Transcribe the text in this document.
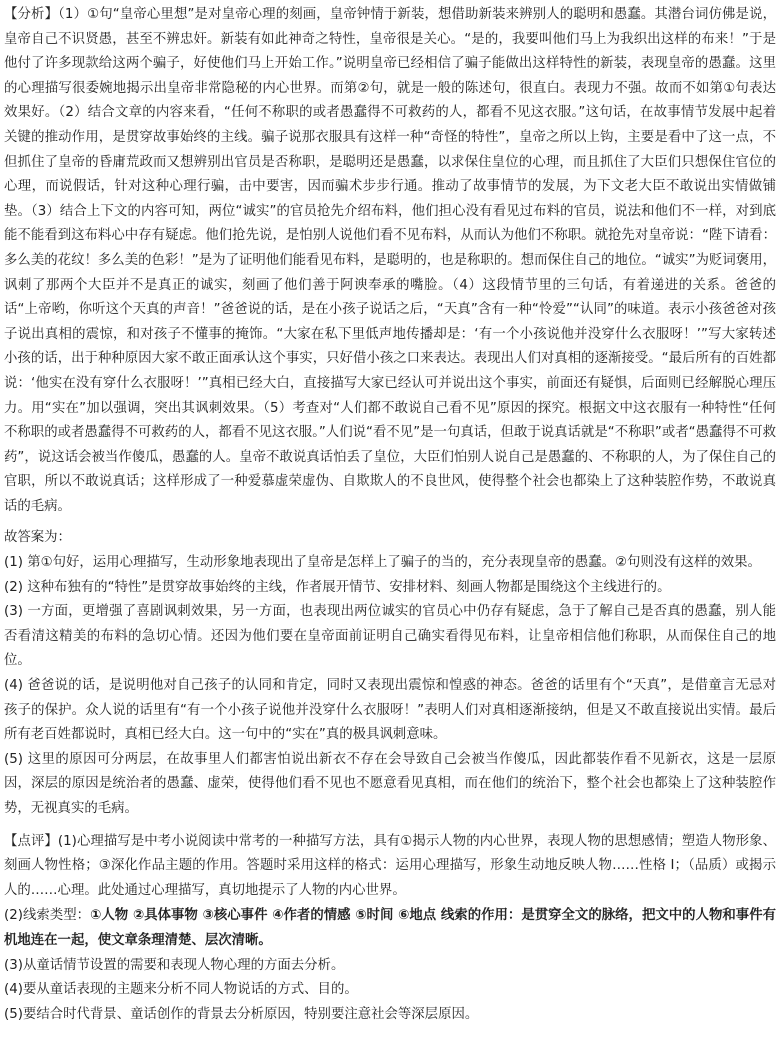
【分析】（1）①句“皇帝心里想”是对皇帝心理的刻画，皇帝钟情于新装，想借助新装来辨别人的聪明和愚蠢。其潜台词仿佛是说，皇帝自己不识贤愚，甚至不辨忠奸。新装有如此神奇之特性，皇帝很是关心。“是的，我要叫他们马上为我织出这样的布来！”于是他付了许多现款给这两个骗子，好使他们马上开始工作。”说明皇帝已经相信了骗子能做出这样特性的新装，表现皇帝的愚蠢。这里的心理描写很委婉地揭示出皇帝非常隐秘的内心世界。而第②句，就是一般的陈述句，很直白。表现力不强。故而不如第①句表达效果好。（2）结合文章的内容来看，“任何不称职的或者愚蠢得不可救药的人，都看不见这衣服。”这句话，在故事情节发展中起着关键的推动作用，是贯穿故事始终的主线。骗子说那衣服具有这样一种“奇怪的特性”，皇帝之所以上钩，主要是看中了这一点，不但抓住了皇帝的昏庸荒政而又想辨别出官员是否称职，是聪明还是愚蠢，以求保住皇位的心理，而且抓住了大臣们只想保住官位的心理，而说假话，针对这种心理行骗，击中要害，因而骗术步步行通。推动了故事情节的发展，为下文老大臣不敢说出实情做铺垫。（3）结合上下文的内容可知，两位“诚实”的官员抢先介绍布料，他们担心没有看见过布料的官员，说法和他们不一样，对到底能不能看到这布料心中存有疑虑。他们抢先说，是怕别人说他们看不见布料，从而认为他们不称职。就抢先对皇帝说：“陛下请看：多么美的花纹！多么美的色彩！”是为了证明他们能看见布料，是聪明的，也是称职的。想而保住自己的地位。“诚实”为贬词褒用，讽刺了那两个大臣并不是真正的诚实，刻画了他们善于阿谀奉承的嘴脸。（4）这段情节里的三句话，有着递进的关系。爸爸的话“上帝哟，你听这个天真的声音！”爸爸说的话，是在小孩子说话之后，“天真”含有一种“怜爱”“认同”的味道。表示小孩爸爸对孩子说出真相的震惊，和对孩子不懂事的掩饰。“大家在私下里低声地传播却是：‘有一个小孩说他并没穿什么衣服呀！’”写大家转述小孩的话，出于种种原因大家不敢正面承认这个事实，只好借小孩之口来表达。表现出人们对真相的逐渐接受。“最后所有的百姓都说：‘他实在没有穿什么衣服呀！’”真相已经大白，直接描写大家已经认可并说出这个事实，前面还有疑惧，后面则已经解脱心理压力。用“实在”加以强调，突出其讽刺效果。（5）考查对“人们都不敢说自己看不见”原因的探究。根据文中这衣服有一种特性“任何不称职的或者愚蠢得不可救药的人，都看不见这衣服。”人们说“看不见”是一句真话，但敢于说真话就是“不称职”或者“愚蠢得不可救药”，说这话会被当作傻瓜，愚蠢的人。皇帝不敢说真话怕丢了皇位，大臣们怕别人说自己是愚蠢的、不称职的人，为了保住自己的官职，所以不敢说真话；这样形成了一种爱慕虚荣虚伪、自欺欺人的不良世风，使得整个社会也都染上了这种装腔作势，不敢说真话的毛病。

故答案为：

(1) 第①句好，运用心理描写，生动形象地表现出了皇帝是怎样上了骗子的当的，充分表现皇帝的愚蠢。②句则没有这样的效果。

(2) 这种布独有的“特性”是贯穿故事始终的主线，作者展开情节、安排材料、刻画人物都是围绕这个主线进行的。

(3) 一方面，更增强了喜剧讽刺效果，另一方面，也表现出两位诚实的官员心中仍存有疑虑，急于了解自己是否真的愚蠢，别人能否看清这精美的布料的急切心情。还因为他们要在皇帝面前证明自己确实看得见布料，让皇帝相信他们称职，从而保住自己的地位。

(4) 爸爸说的话，是说明他对自己孩子的认同和肯定，同时又表现出震惊和惶惑的神态。爸爸的话里有个“天真”，是借童言无忌对孩子的保护。众人说的话里有“有一个小孩子说他并没穿什么衣服呀！”表明人们对真相逐渐接纳，但是又不敢直接说出实情。最后所有老百姓都说时，真相已经大白。这一句中的“实在”真的极具讽刺意味。

(5) 这里的原因可分两层，在故事里人们都害怕说出新衣不存在会导致自己会被当作傻瓜，因此都装作看不见新衣，这是一层原因，深层的原因是统治者的愚蠢、虚荣，使得他们看不见也不愿意看见真相，而在他们的统治下，整个社会也都染上了这种装腔作势，无视真实的毛病。

【点评】(1)心理描写是中考小说阅读中常考的一种描写方法，具有①揭示人物的内心世界，表现人物的思想感情；塑造人物形象、刻画人物性格；③深化作品主题的作用。答题时采用这样的格式：运用心理描写，形象生动地反映人物……性格 I；（品质）或揭示人的……心理。此处通过心理描写，真切地提示了人物的内心世界。

(2)线索类型：①人物 ②具体事物 ③核心事件 ④作者的情感 ⑤时间 ⑥地点 线索的作用：是贯穿全文的脉络，把文中的人物和事件有机地连在一起，使文章条理清楚、层次清晰。

(3)从童话情节设置的需要和表现人物心理的方面去分析。

(4)要从童话表现的主题来分析不同人物说话的方式、目的。

(5)要结合时代背景、童话创作的背景去分析原因，特别要注意社会等深层原因。
